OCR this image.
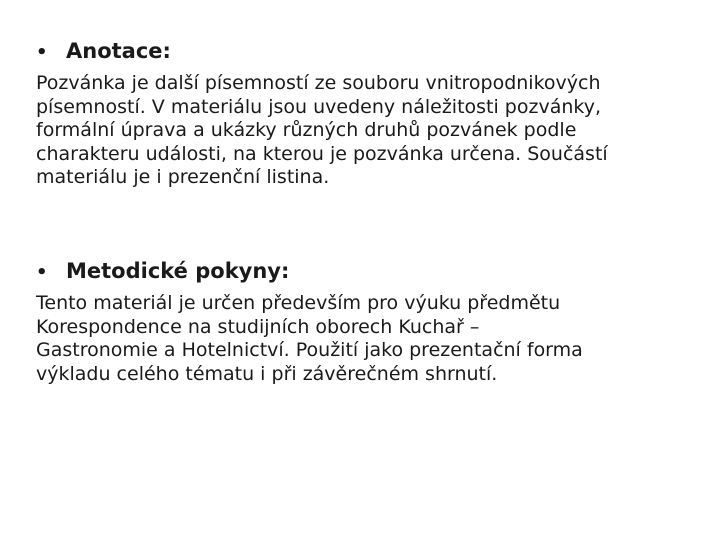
• Anotace:

Pozvánka je další písemností ze souboru vnitropodnikových
písemností. V materiálu jsou uvedeny náležitosti pozvánky,
formální úprava a ukázky různých druhů pozvánek podle
charakteru události, na kterou je pozvánka určena. Součástí
materiálu je i prezenční listina.

• Metodické pokyny:

Tento materiál je určen především pro výuku předmětu
Korespondence na studijních oborech Kuchař –
Gastronomie a Hotelnictví. Použití jako prezentační forma
výkladu celého tématu i při závěrečném shrnutí.
